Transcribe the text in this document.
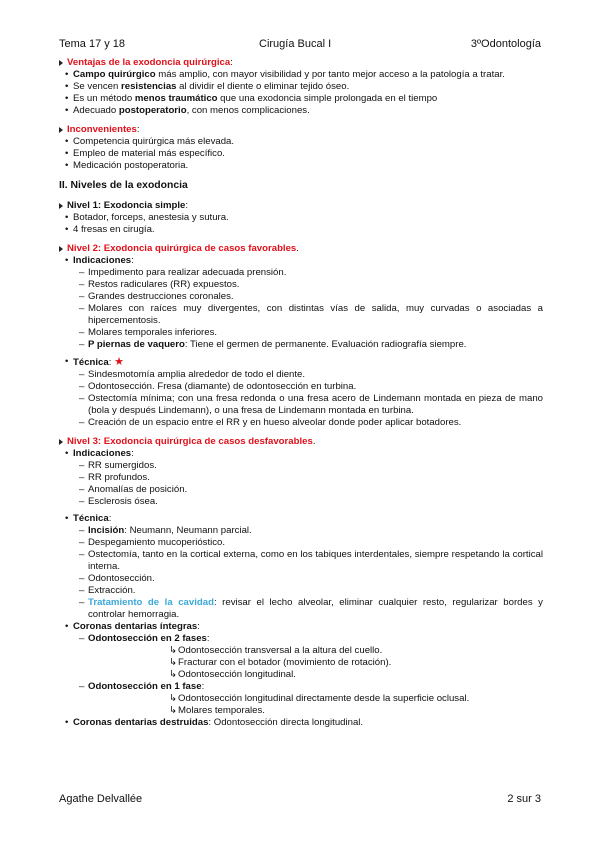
Tema 17 y 18	Cirugía Bucal I	3ºOdontología
Ventajas de la exodoncia quirúrgica:
• Campo quirúrgico más amplio, con mayor visibilidad y por tanto mejor acceso a la patología a tratar.
• Se vencen resistencias al dividir el diente o eliminar tejido óseo.
• Es un método menos traumático que una exodoncia simple prolongada en el tiempo
• Adecuado postoperatorio, con menos complicaciones.
Inconvenientes:
• Competencia quirúrgica más elevada.
• Empleo de material más específico.
• Medicación postoperatoria.
II. Niveles de la exodoncia
Nivel 1: Exodoncia simple:
• Botador, forceps, anestesia y sutura.
• 4 fresas en cirugía.
Nivel 2: Exodoncia quirúrgica de casos favorables.
• Indicaciones:
– Impedimento para realizar adecuada prensión.
– Restos radiculares (RR) expuestos.
– Grandes destrucciones coronales.
– Molares con raíces muy divergentes, con distintas vías de salida, muy curvadas o asociadas a hipercementosis.
– Molares temporales inferiores.
– P piernas de vaquero: Tiene el germen de permanente. Evaluación radiografía siempre.
• Técnica: ★
– Sindesmotomía amplia alrededor de todo el diente.
– Odontosección. Fresa (diamante) de odontosección en turbina.
– Ostectomía mínima; con una fresa redonda o una fresa acero de Lindemann montada en pieza de mano (bola y después Lindemann), o una fresa de Lindemann montada en turbina.
– Creación de un espacio entre el RR y en hueso alveolar donde poder aplicar botadores.
Nivel 3: Exodoncia quirúrgica de casos desfavorables.
• Indicaciones:
– RR sumergidos.
– RR profundos.
– Anomalías de posición.
– Esclerosis ósea.
• Técnica:
– Incisión: Neumann, Neumann parcial.
– Despegamiento mucoperióstico.
– Ostectomía, tanto en la cortical externa, como en los tabiques interdentales, siempre respetando la cortical interna.
– Odontosección.
– Extracción.
– Tratamiento de la cavidad: revisar el lecho alveolar, eliminar cualquier resto, regularizar bordes y controlar hemorragia.
• Coronas dentarias íntegras:
– Odontosección en 2 fases:
↳Odontosección transversal a la altura del cuello.
↳Fracturar con el botador (movimiento de rotación).
↳Odontosección longitudinal.
– Odontosección en 1 fase:
↳Odontosección longitudinal directamente desde la superficie oclusal.
↳Molares temporales.
• Coronas dentarias destruidas: Odontosección directa longitudinal.
Agathe Delvallée	2 sur 3
